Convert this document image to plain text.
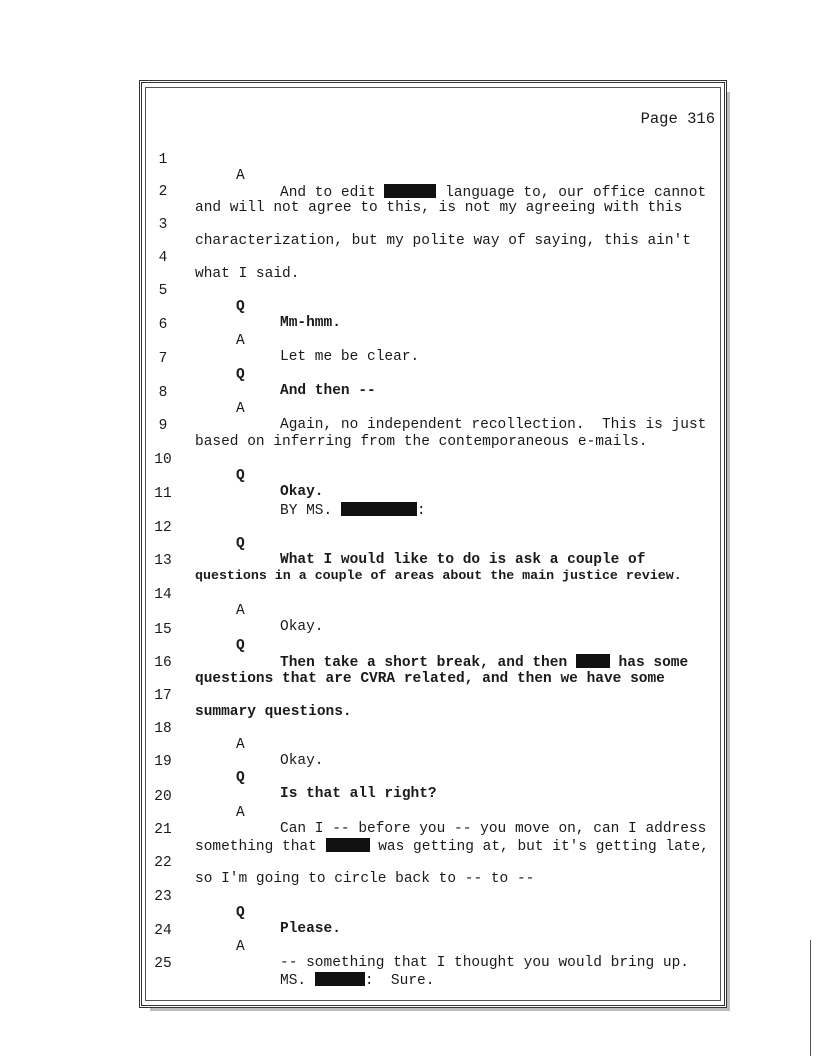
Page 316

1

A

And to edit	language to, our office cannot

2

and will not agree to this, is not my agreeing with this

3

characterization, but my polite way of saying, this ain't

4

what I said.

5

Q

Mm-hmm.

6

A

Let me be clear.

7

Q

And then --

8

A

Again, no independent recollection.  This is just

9

based on inferring from the contemporaneous e-mails.

10

Q

Okay.

11

BY MS.	:

12

Q

What I would like to do is ask a couple of

13

questions in a couple of areas about the main justice review.

14

A

Okay.

15

Q

Then take a short break, and then  has some

16

questions that are CVRA related, and then we have some

17

summary questions.

18

A

Okay.

19

Q

Is that all right?

20

A

Can I -- before you -- you move on, can I address

21

something that	was getting at, but it's getting late,

22

so I'm going to circle back to -- to --

23

Q

Please.

24

A

-- something that I thought you would bring up.

25

MS.	:  Sure.
